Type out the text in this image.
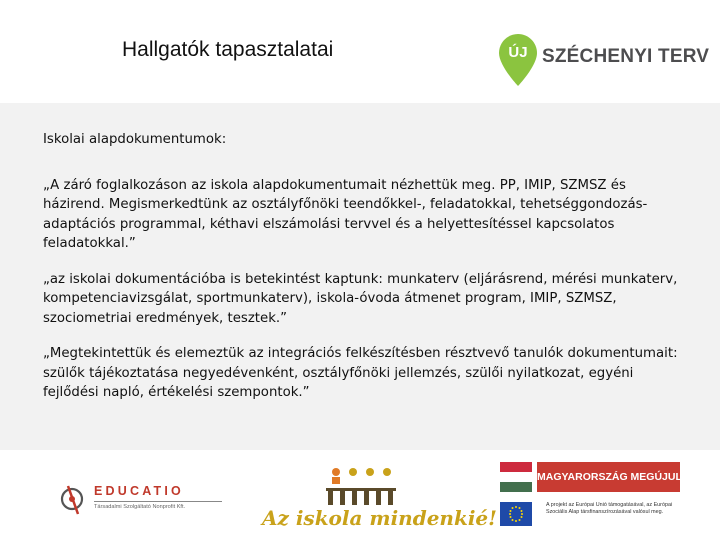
Hallgatók tapasztalatai	ÚJ SZÉCHENYI TERV

Iskolai alapdokumentumok:

„A záró foglalkozáson az iskola alapdokumentumait nézhettük meg. PP, IMIP, SZMSZ és házirend. Megismerkedtünk az osztályfőnöki teendőkkel-, feladatokkal, tehetséggondozás- adaptációs programmal, kéthavi elszámolási tervvel és a helyettesítéssel kapcsolatos feladatokkal.”

„az iskolai dokumentációba is betekintést kaptunk: munkaterv (eljárásrend, mérési munkaterv, kompetenciavizsgálat, sportmunkaterv), iskola-óvoda átmenet program, IMIP, SZMSZ, szociometriai eredmények, tesztek.”

„Megtekintettük és elemeztük az integrációs felkészítésben résztvevő tanulók dokumentumait: szülők tájékoztatása negyedévenként, osztályfőnöki jellemzés, szülői nyilatkozat, egyéni fejlődési napló, értékelési szempontok.”

EDUCATIO
Társadalmi Szolgáltató Nonprofit Kft.	Az iskola mindenkié!
MAGYARORSZÁG MEGÚJUL
A projekt az Európai Unió támogatásával, az Európai Szociális Alap társfinanszírozásával valósul meg.
